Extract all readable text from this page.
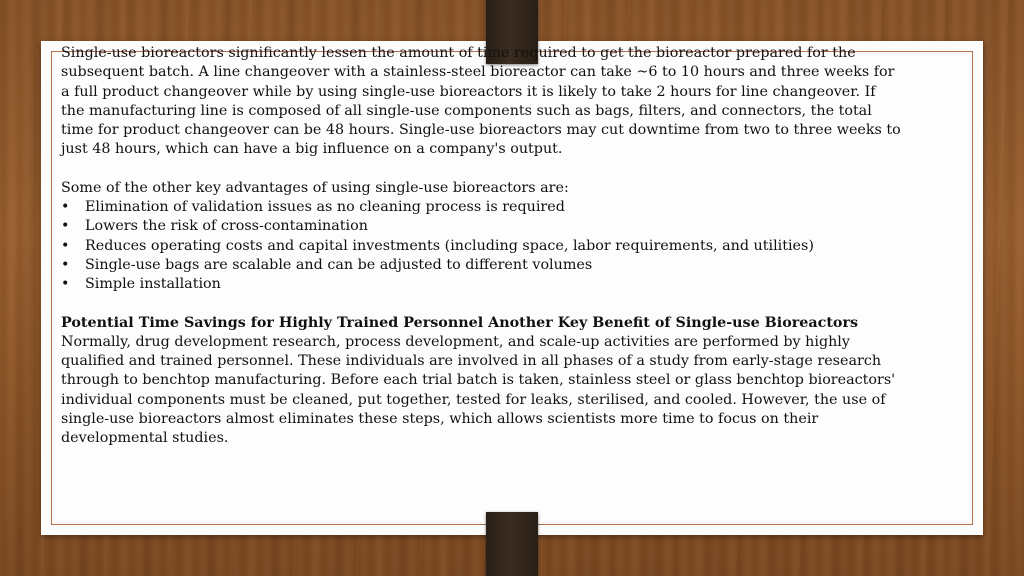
Single-use bioreactors significantly lessen the amount of time required to get the bioreactor prepared for the subsequent batch. A line changeover with a stainless-steel bioreactor can take ~6 to 10 hours and three weeks for a full product changeover while by using single-use bioreactors it is likely to take 2 hours for line changeover. If the manufacturing line is composed of all single-use components such as bags, filters, and connectors, the total time for product changeover can be 48 hours. Single-use bioreactors may cut downtime from two to three weeks to just 48 hours, which can have a big influence on a company's output.

Some of the other key advantages of using single-use bioreactors are:

• Elimination of validation issues as no cleaning process is required
• Lowers the risk of cross-contamination
• Reduces operating costs and capital investments (including space, labor requirements, and utilities)
• Single-use bags are scalable and can be adjusted to different volumes
• Simple installation

Potential Time Savings for Highly Trained Personnel Another Key Benefit of Single-use Bioreactors

Normally, drug development research, process development, and scale-up activities are performed by highly qualified and trained personnel. These individuals are involved in all phases of a study from early-stage research through to benchtop manufacturing. Before each trial batch is taken, stainless steel or glass benchtop bioreactors' individual components must be cleaned, put together, tested for leaks, sterilised, and cooled. However, the use of single-use bioreactors almost eliminates these steps, which allows scientists more time to focus on their developmental studies.
